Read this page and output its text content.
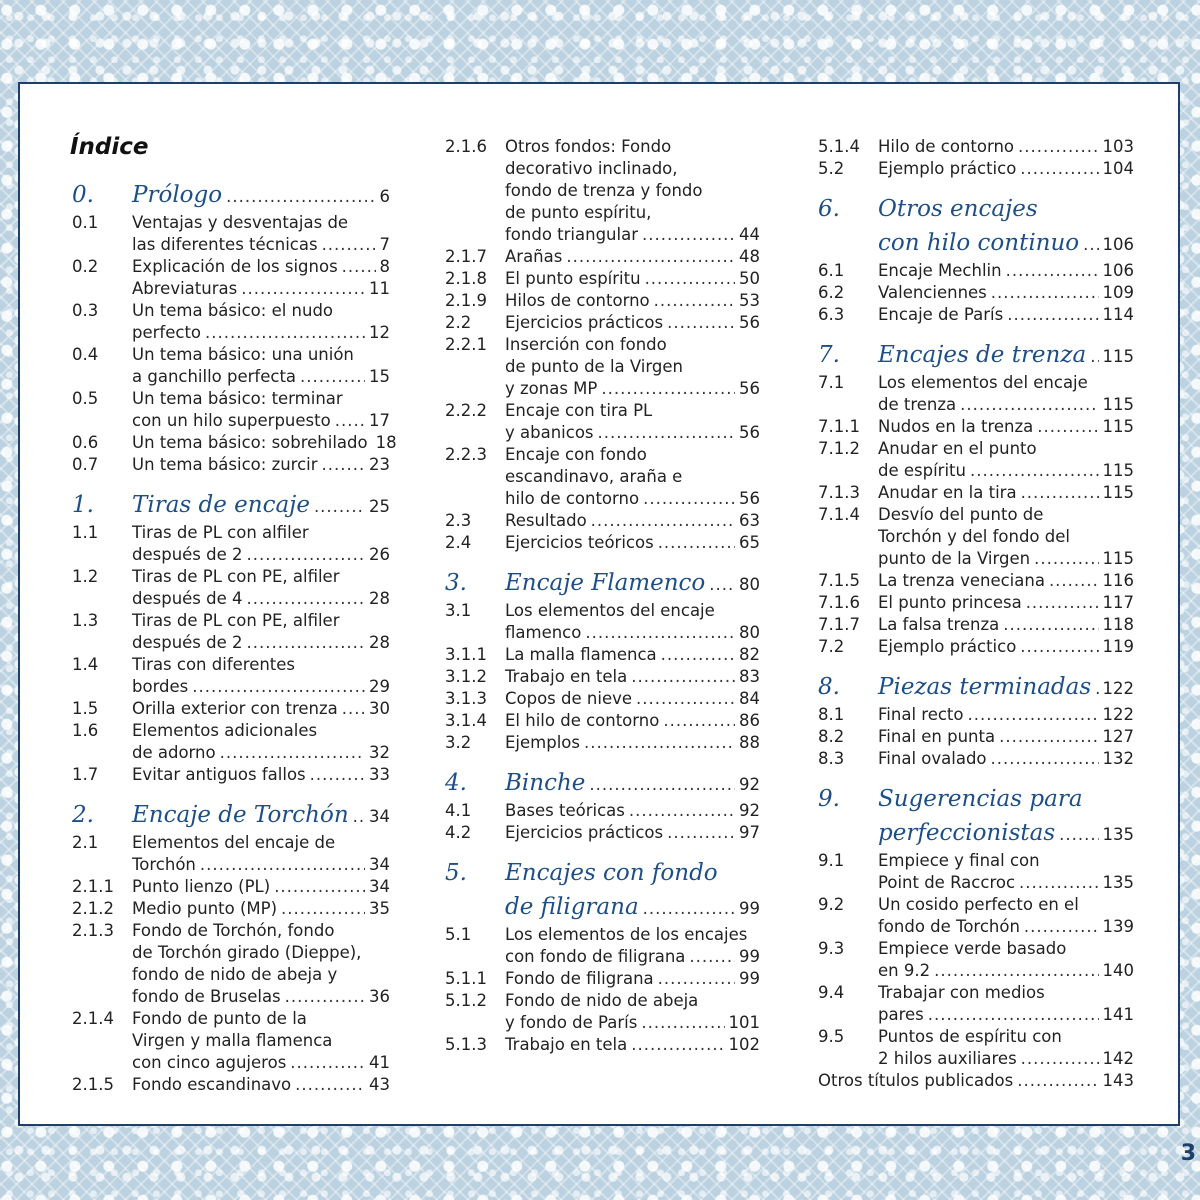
Índice
0. Prólogo .....	6
0.1 Ventajas y desventajas de
las diferentes técnicas .....	7
0.2 Explicación de los signos .....	8
Abreviaturas .....	11
0.3 Un tema básico: el nudo
perfecto .....	12
0.4 Un tema básico: una unión
a ganchillo perfecta .....	15
0.5 Un tema básico: terminar
con un hilo superpuesto ..... 17
0.6 Un tema básico: sobrehilado 18
0.7 Un tema básico: zurcir .....	23
1. Tiras de encaje .....	25
1.1 Tiras de PL con alfiler
después de 2 .....	26
1.2 Tiras de PL con PE, alfiler
después de 4 .....	28
1.3 Tiras de PL con PE, alfiler
después de 2 .....	28
1.4 Tiras con diferentes
bordes .....	29
1.5 Orilla exterior con trenza ..... 30
1.6 Elementos adicionales
de adorno .....	32
1.7 Evitar antiguos fallos .....	33
2. Encaje de Torchón ..... 34
2.1 Elementos del encaje de
Torchón .....	34
2.1.1 Punto lienzo (PL) .....	34
2.1.2 Medio punto (MP) .....	35
2.1.3 Fondo de Torchón, fondo
de Torchón girado (Dieppe),
fondo de nido de abeja y
fondo de Bruselas .....	36
2.1.4 Fondo de punto de la
Virgen y malla flamenca
con cinco agujeros .....	41
2.1.5 Fondo escandinavo .....	43
2.1.6 Otros fondos: Fondo
decorativo inclinado,
fondo de trenza y fondo
de punto espíritu,
fondo triangular .....	44
2.1.7 Arañas .....	48
2.1.8 El punto espíritu .....	50
2.1.9 Hilos de contorno .....	53
2.2 Ejercicios prácticos .....	56
2.2.1 Inserción con fondo
de punto de la Virgen
y zonas MP .....	56
2.2.2 Encaje con tira PL
y abanicos .....	56
2.2.3 Encaje con fondo
escandinavo, araña e
hilo de contorno .....	56
2.3 Resultado .....	63
2.4 Ejercicios teóricos .....	65
3. Encaje Flamenco ..... 80
3.1 Los elementos del encaje
flamenco .....	80
3.1.1 La malla flamenca .....	82
3.1.2 Trabajo en tela .....	83
3.1.3 Copos de nieve .....	84
3.1.4 El hilo de contorno .....	86
3.2 Ejemplos .....	88
4. Binche .....	92
4.1 Bases teóricas .....	92
4.2 Ejercicios prácticos .....	97
5. Encajes con fondo
de filigrana .....	99
5.1 Los elementos de los encajes
con fondo de filigrana .....	99
5.1.1 Fondo de filigrana .....	99
5.1.2 Fondo de nido de abeja
y fondo de París .....	101
5.1.3 Trabajo en tela .....	102
5.1.4 Hilo de contorno .....	103
5.2 Ejemplo práctico .....	104
6. Otros encajes
con hilo continuo ..... 106
6.1 Encaje Mechlin .....	106
6.2 Valenciennes .....	109
6.3 Encaje de París .....	114
7. Encajes de trenza ..... 115
7.1 Los elementos del encaje
de trenza .....	115
7.1.1 Nudos en la trenza .....	115
7.1.2 Anudar en el punto
de espíritu .....	115
7.1.3 Anudar en la tira .....	115
7.1.4 Desvío del punto de
Torchón y del fondo del
punto de la Virgen .....	115
7.1.5 La trenza veneciana .....	116
7.1.6 El punto princesa .....	117
7.1.7 La falsa trenza .....	118
7.2 Ejemplo práctico .....	119
8. Piezas terminadas ..... 122
8.1 Final recto .....	122
8.2 Final en punta .....	127
8.3 Final ovalado .....	132
9. Sugerencias para
perfeccionistas .....	135
9.1 Empiece y final con
Point de Raccroc .....	135
9.2 Un cosido perfecto en el
fondo de Torchón .....	139
9.3 Empiece verde basado
en 9.2 .....	140
9.4 Trabajar con medios
pares .....	141
9.5 Puntos de espíritu con
2 hilos auxiliares .....	142
Otros títulos publicados .....	143
3
